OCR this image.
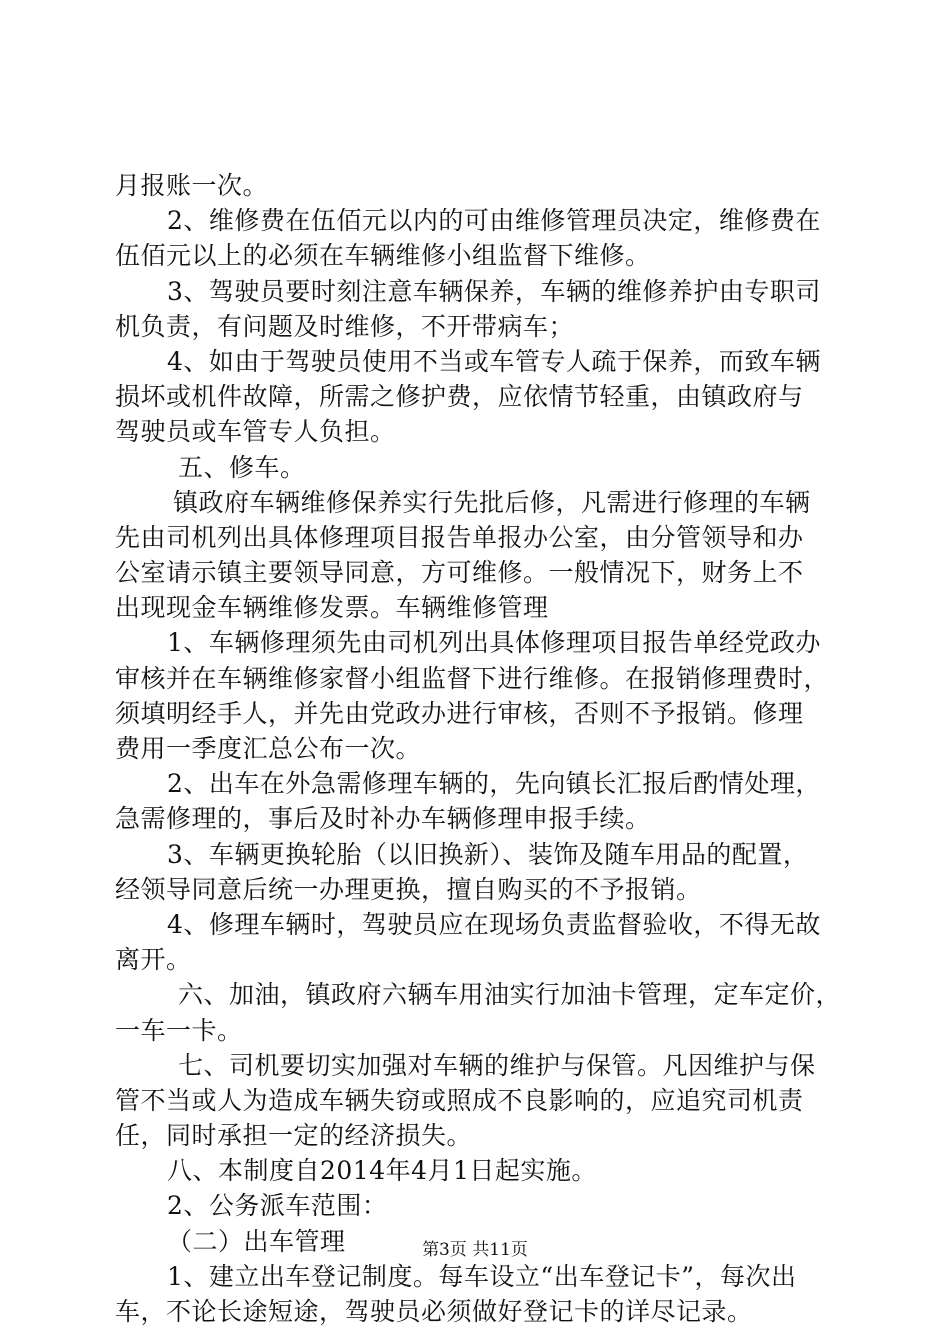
月报账一次。
2、维修费在伍佰元以内的可由维修管理员决定，维修费在
伍佰元以上的必须在车辆维修小组监督下维修。
3、驾驶员要时刻注意车辆保养，车辆的维修养护由专职司
机负责，有问题及时维修，不开带病车；
4、如由于驾驶员使用不当或车管专人疏于保养，而致车辆
损坏或机件故障，所需之修护费，应依情节轻重，由镇政府与
驾驶员或车管专人负担。
五、修车。
镇政府车辆维修保养实行先批后修，凡需进行修理的车辆
先由司机列出具体修理项目报告单报办公室，由分管领导和办
公室请示镇主要领导同意，方可维修。一般情况下，财务上不
出现现金车辆维修发票。车辆维修管理
1、车辆修理须先由司机列出具体修理项目报告单经党政办
审核并在车辆维修家督小组监督下进行维修。在报销修理费时，
须填明经手人，并先由党政办进行审核，否则不予报销。修理
费用一季度汇总公布一次。
2、出车在外急需修理车辆的，先向镇长汇报后酌情处理，
急需修理的，事后及时补办车辆修理申报手续。
3、车辆更换轮胎（以旧换新）、装饰及随车用品的配置，
经领导同意后统一办理更换，擅自购买的不予报销。
4、修理车辆时，驾驶员应在现场负责监督验收，不得无故
离开。
六、加油，镇政府六辆车用油实行加油卡管理，定车定价，
一车一卡。
七、司机要切实加强对车辆的维护与保管。凡因维护与保
管不当或人为造成车辆失窃或照成不良影响的，应追究司机责
任，同时承担一定的经济损失。
八、本制度自2014年4月1日起实施。
2、公务派车范围：
（二）出车管理
1、建立出车登记制度。每车设立“出车登记卡”，每次出
车，不论长途短途，驾驶员必须做好登记卡的详尽记录。
第3页 共11页
